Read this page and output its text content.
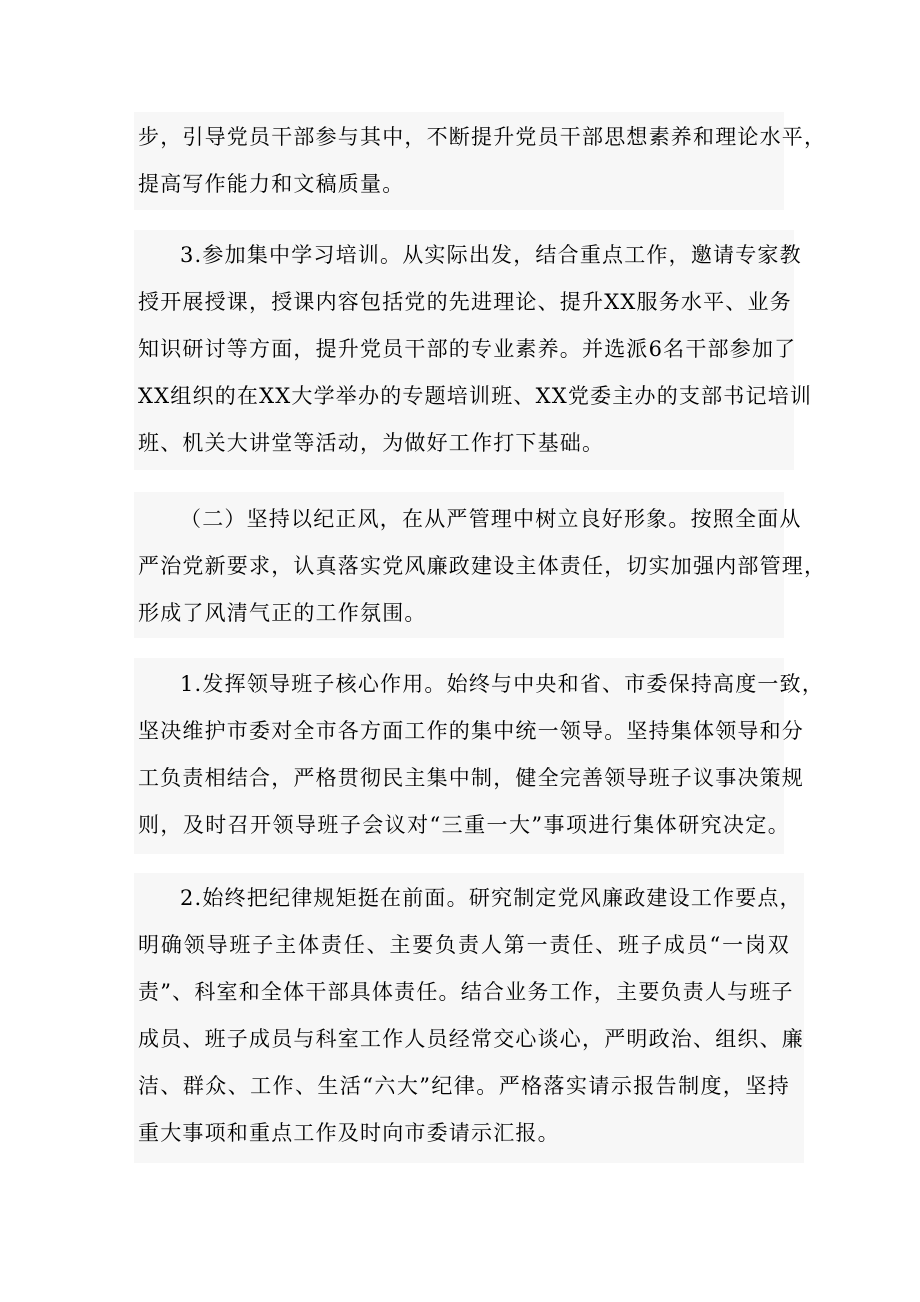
步，引导党员干部参与其中，不断提升党员干部思想素养和理论水平，
提高写作能力和文稿质量。
3.参加集中学习培训。从实际出发，结合重点工作，邀请专家教
授开展授课，授课内容包括党的先进理论、提升XX服务水平、业务
知识研讨等方面，提升党员干部的专业素养。并选派6名干部参加了
XX组织的在XX大学举办的专题培训班、XX党委主办的支部书记培训
班、机关大讲堂等活动，为做好工作打下基础。
（二）坚持以纪正风，在从严管理中树立良好形象。按照全面从
严治党新要求，认真落实党风廉政建设主体责任，切实加强内部管理，
形成了风清气正的工作氛围。
1.发挥领导班子核心作用。始终与中央和省、市委保持高度一致，
坚决维护市委对全市各方面工作的集中统一领导。坚持集体领导和分
工负责相结合，严格贯彻民主集中制，健全完善领导班子议事决策规
则，及时召开领导班子会议对“三重一大”事项进行集体研究决定。
2.始终把纪律规矩挺在前面。研究制定党风廉政建设工作要点，
明确领导班子主体责任、主要负责人第一责任、班子成员“一岗双
责”、科室和全体干部具体责任。结合业务工作，主要负责人与班子
成员、班子成员与科室工作人员经常交心谈心，严明政治、组织、廉
洁、群众、工作、生活“六大”纪律。严格落实请示报告制度，坚持
重大事项和重点工作及时向市委请示汇报。
